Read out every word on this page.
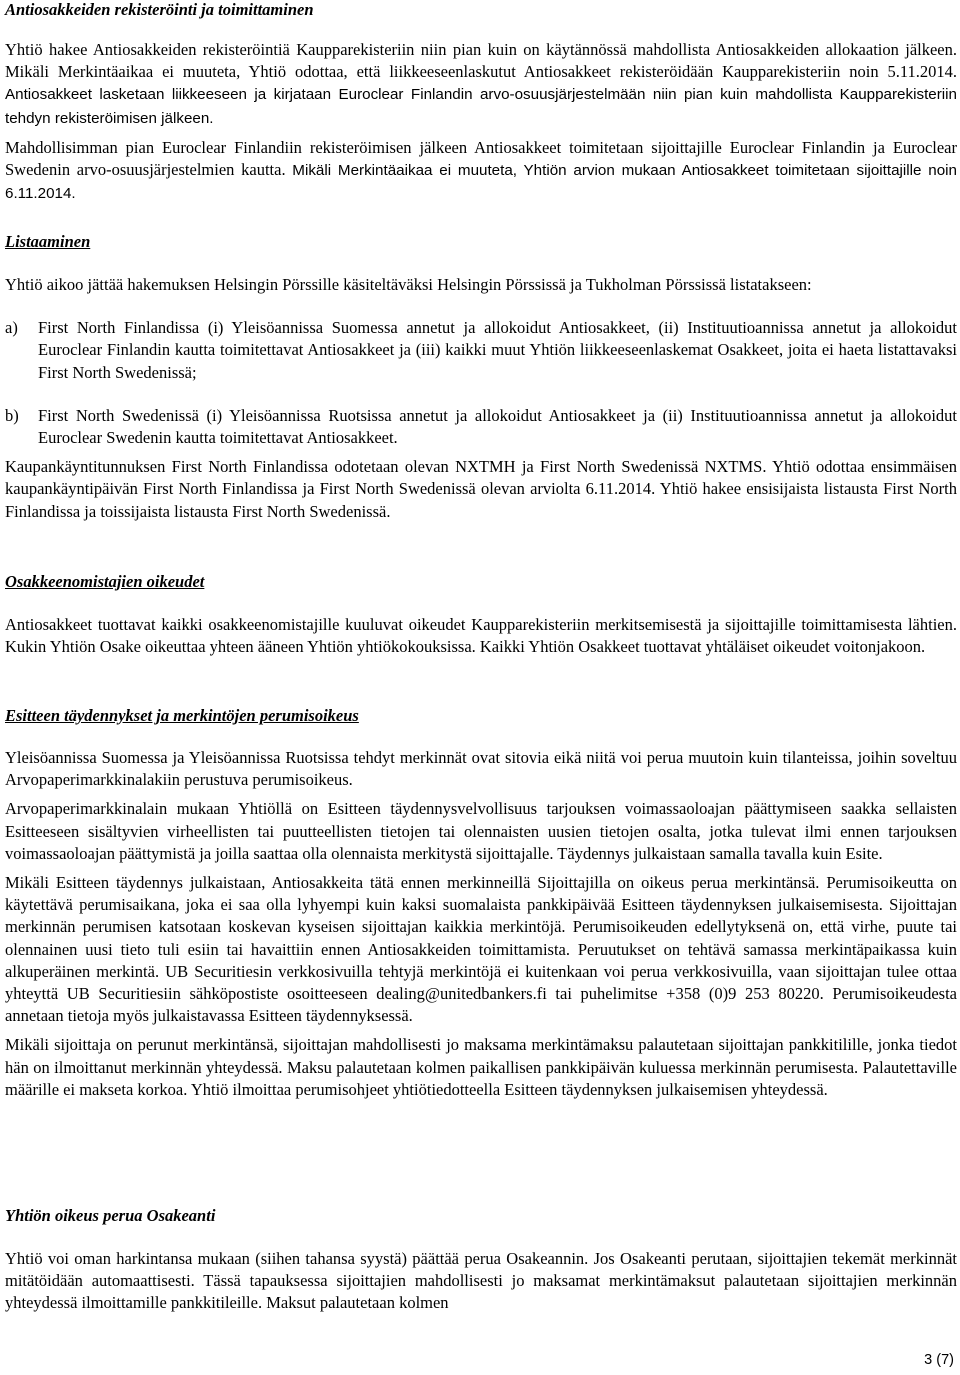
Antiosakkeiden rekisteröinti ja toimittaminen

Yhtiö hakee Antiosakkeiden rekisteröintiä Kaupparekisteriin niin pian kuin on käytännössä mahdollista Antiosakkeiden allokaation jälkeen. Mikäli Merkintäaikaa ei muuteta, Yhtiö odottaa, että liikkeeseenlaskutut Antiosakkeet rekisteröidään Kaupparekisteriin noin 5.11.2014. Antiosakkeet lasketaan liikkeeseen ja kirjataan Euroclear Finlandin arvo-osuusjärjestelmään niin pian kuin mahdollista Kaupparekisteriin tehdyn rekisteröimisen jälkeen.

Mahdollisimman pian Euroclear Finlandiin rekisteröimisen jälkeen Antiosakkeet toimitetaan sijoittajille Euroclear Finlandin ja Euroclear Swedenin arvo-osuusjärjestelmien kautta. Mikäli Merkintäaikaa ei muuteta, Yhtiön arvion mukaan Antiosakkeet toimitetaan sijoittajille noin 6.11.2014.

Listaaminen

Yhtiö aikoo jättää hakemuksen Helsingin Pörssille käsiteltäväksi Helsingin Pörssissä ja Tukholman Pörssissä listatakseen:

a) First North Finlandissa (i) Yleisöannissa Suomessa annetut ja allokoidut Antiosakkeet, (ii) Instituutioannissa annetut ja allokoidut Euroclear Finlandin kautta toimitettavat Antiosakkeet ja (iii) kaikki muut Yhtiön liikkeeseenlaskemat Osakkeet, joita ei haeta listattavaksi First North Swedenissä;

b) First North Swedenissä (i) Yleisöannissa Ruotsissa annetut ja allokoidut Antiosakkeet ja (ii) Instituutioannissa annetut ja allokoidut Euroclear Swedenin kautta toimitettavat Antiosakkeet.

Kaupankäyntitunnuksen First North Finlandissa odotetaan olevan NXTMH ja First North Swedenissä NXTMS. Yhtiö odottaa ensimmäisen kaupankäyntipäivän First North Finlandissa ja First North Swedenissä olevan arviolta 6.11.2014. Yhtiö hakee ensisijaista listausta First North Finlandissa ja toissijaista listausta First North Swedenissä.

Osakkeenomistajien oikeudet

Antiosakkeet tuottavat kaikki osakkeenomistajille kuuluvat oikeudet Kaupparekisteriin merkitsemisestä ja sijoittajille toimittamisesta lähtien. Kukin Yhtiön Osake oikeuttaa yhteen ääneen Yhtiön yhtiökokouksissa. Kaikki Yhtiön Osakkeet tuottavat yhtäläiset oikeudet voitonjakoon.

Esitteen täydennykset ja merkintöjen perumisoikeus

Yleisöannissa Suomessa ja Yleisöannissa Ruotsissa tehdyt merkinnät ovat sitovia eikä niitä voi perua muutoin kuin tilanteissa, joihin soveltuu Arvopaperimarkkinalakiin perustuva perumisoikeus.

Arvopaperimarkkinalain mukaan Yhtiöllä on Esitteen täydennysvelvollisuus tarjouksen voimassaoloajan päättymiseen saakka sellaisten Esitteeseen sisältyvien virheellisten tai puutteellisten tietojen tai olennaisten uusien tietojen osalta, jotka tulevat ilmi ennen tarjouksen voimassaoloajan päättymistä ja joilla saattaa olla olennaista merkitystä sijoittajalle. Täydennys julkaistaan samalla tavalla kuin Esite.

Mikäli Esitteen täydennys julkaistaan, Antiosakkeita tätä ennen merkinneillä Sijoittajilla on oikeus perua merkintänsä. Perumisoikeutta on käytettävä perumisaikana, joka ei saa olla lyhyempi kuin kaksi suomalaista pankkipäivää Esitteen täydennyksen julkaisemisesta. Sijoittajan merkinnän perumisen katsotaan koskevan kyseisen sijoittajan kaikkia merkintöjä. Perumisoikeuden edellytyksenä on, että virhe, puute tai olennainen uusi tieto tuli esiin tai havaittiin ennen Antiosakkeiden toimittamista. Peruutukset on tehtävä samassa merkintäpaikassa kuin alkuperäinen merkintä. UB Securitiesin verkkosivuilla tehtyjä merkintöjä ei kuitenkaan voi perua verkkosivuilla, vaan sijoittajan tulee ottaa yhteyttä UB Securitiesiin sähköpostiste osoitteeseen dealing@unitedbankers.fi tai puhelimitse +358 (0)9 253 80220. Perumisoikeudesta annetaan tietoja myös julkaistavassa Esitteen täydennyksessä.

Mikäli sijoittaja on perunut merkintänsä, sijoittajan mahdollisesti jo maksama merkintämaksu palautetaan sijoittajan pankkitilille, jonka tiedot hän on ilmoittanut merkinnän yhteydessä. Maksu palautetaan kolmen paikallisen pankkipäivän kuluessa merkinnän perumisesta. Palautettaville määrille ei makseta korkoa. Yhtiö ilmoittaa perumisohjeet yhtiötiedotteella Esitteen täydennyksen julkaisemisen yhteydessä.

Yhtiön oikeus perua Osakeanti

Yhtiö voi oman harkintansa mukaan (siihen tahansa syystä) päättää perua Osakeannin. Jos Osakeanti perutaan, sijoittajien tekemät merkinnät mitätöidään automaattisesti. Tässä tapauksessa sijoittajien mahdollisesti jo maksamat merkintämaksut palautetaan sijoittajien merkinnän yhteydessä ilmoittamille pankkitileille. Maksut palautetaan kolmen

3 (7)
